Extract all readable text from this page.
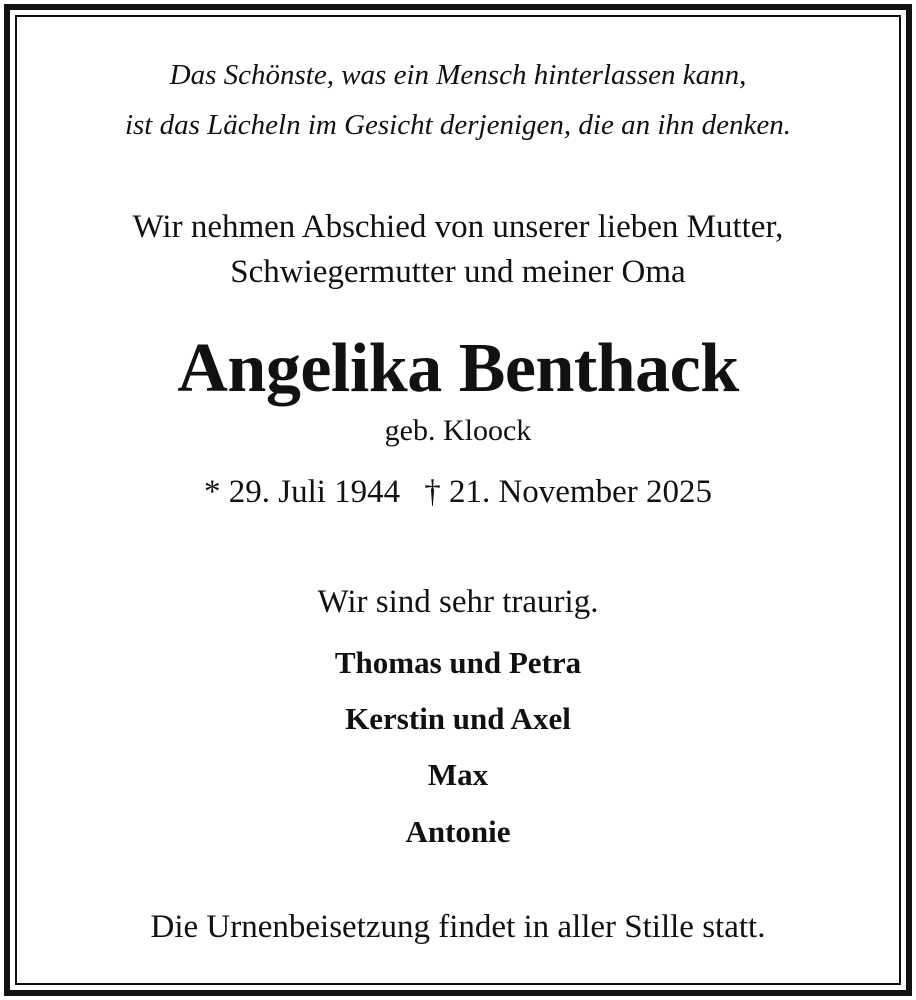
Das Schönste, was ein Mensch hinterlassen kann,
ist das Lächeln im Gesicht derjenigen, die an ihn denken.
Wir nehmen Abschied von unserer lieben Mutter,
Schwiegermutter und meiner Oma
Angelika Benthack
geb. Kloock
* 29. Juli 1944 † 21. November 2025
Wir sind sehr traurig.
Thomas und Petra
Kerstin und Axel
Max
Antonie
Die Urnenbeisetzung findet in aller Stille statt.
